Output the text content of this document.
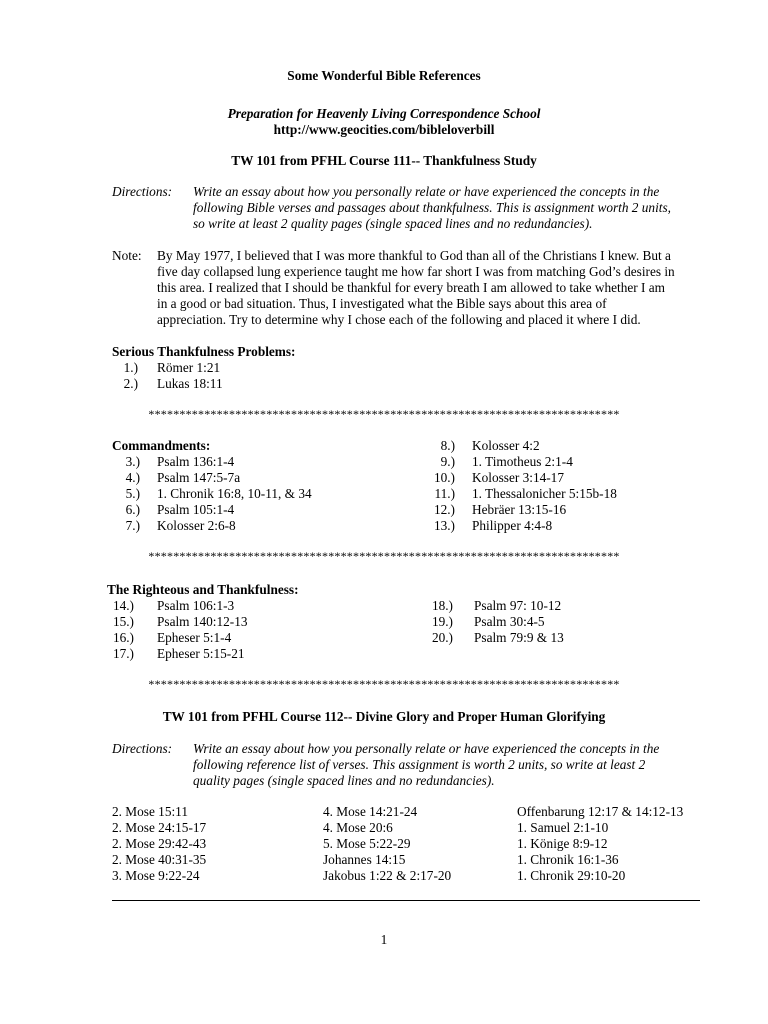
Some Wonderful Bible References
Preparation for Heavenly Living Correspondence School
http://www.geocities.com/bibleloverbill
TW 101 from PFHL Course 111-- Thankfulness Study
Directions: Write an essay about how you personally relate or have experienced the concepts in the
following Bible verses and passages about thankfulness. This is assignment worth 2 units,
so write at least 2 quality pages (single spaced lines and no redundancies).
Note: By May 1977, I believed that I was more thankful to God than all of the Christians I knew. But a
five day collapsed lung experience taught me how far short I was from matching God’s desires in
this area. I realized that I should be thankful for every breath I am allowed to take whether I am
in a good or bad situation. Thus, I investigated what the Bible says about this area of
appreciation. Try to determine why I chose each of the following and placed it where I did.
Serious Thankfulness Problems:
1.) Römer 1:21
2.) Lukas 18:11
****************************************************************************
Commandments:
3.) Psalm 136:1-4
4.) Psalm 147:5-7a
5.) 1. Chronik 16:8, 10-11, & 34
6.) Psalm 105:1-4
7.) Kolosser 2:6-8
8.) Kolosser 4:2
9.) 1. Timotheus 2:1-4
10.) Kolosser 3:14-17
11.) 1. Thessalonicher 5:15b-18
12.) Hebräer 13:15-16
13.) Philipper 4:4-8
****************************************************************************
The Righteous and Thankfulness:
14.) Psalm 106:1-3
15.) Psalm 140:12-13
16.) Epheser 5:1-4
17.) Epheser 5:15-21
18.) Psalm 97: 10-12
19.) Psalm 30:4-5
20.) Psalm 79:9 & 13
****************************************************************************
TW 101 from PFHL Course 112-- Divine Glory and Proper Human Glorifying
Directions: Write an essay about how you personally relate or have experienced the concepts in the
following reference list of verses. This assignment is worth 2 units, so write at least 2
quality pages (single spaced lines and no redundancies).
2. Mose 15:11
2. Mose 24:15-17
2. Mose 29:42-43
2. Mose 40:31-35
3. Mose 9:22-24
4. Mose 14:21-24
4. Mose 20:6
5. Mose 5:22-29
Johannes 14:15
Jakobus 1:22 & 2:17-20
Offenbarung 12:17 & 14:12-13
1. Samuel 2:1-10
1. Könige 8:9-12
1. Chronik 16:1-36
1. Chronik 29:10-20
1
